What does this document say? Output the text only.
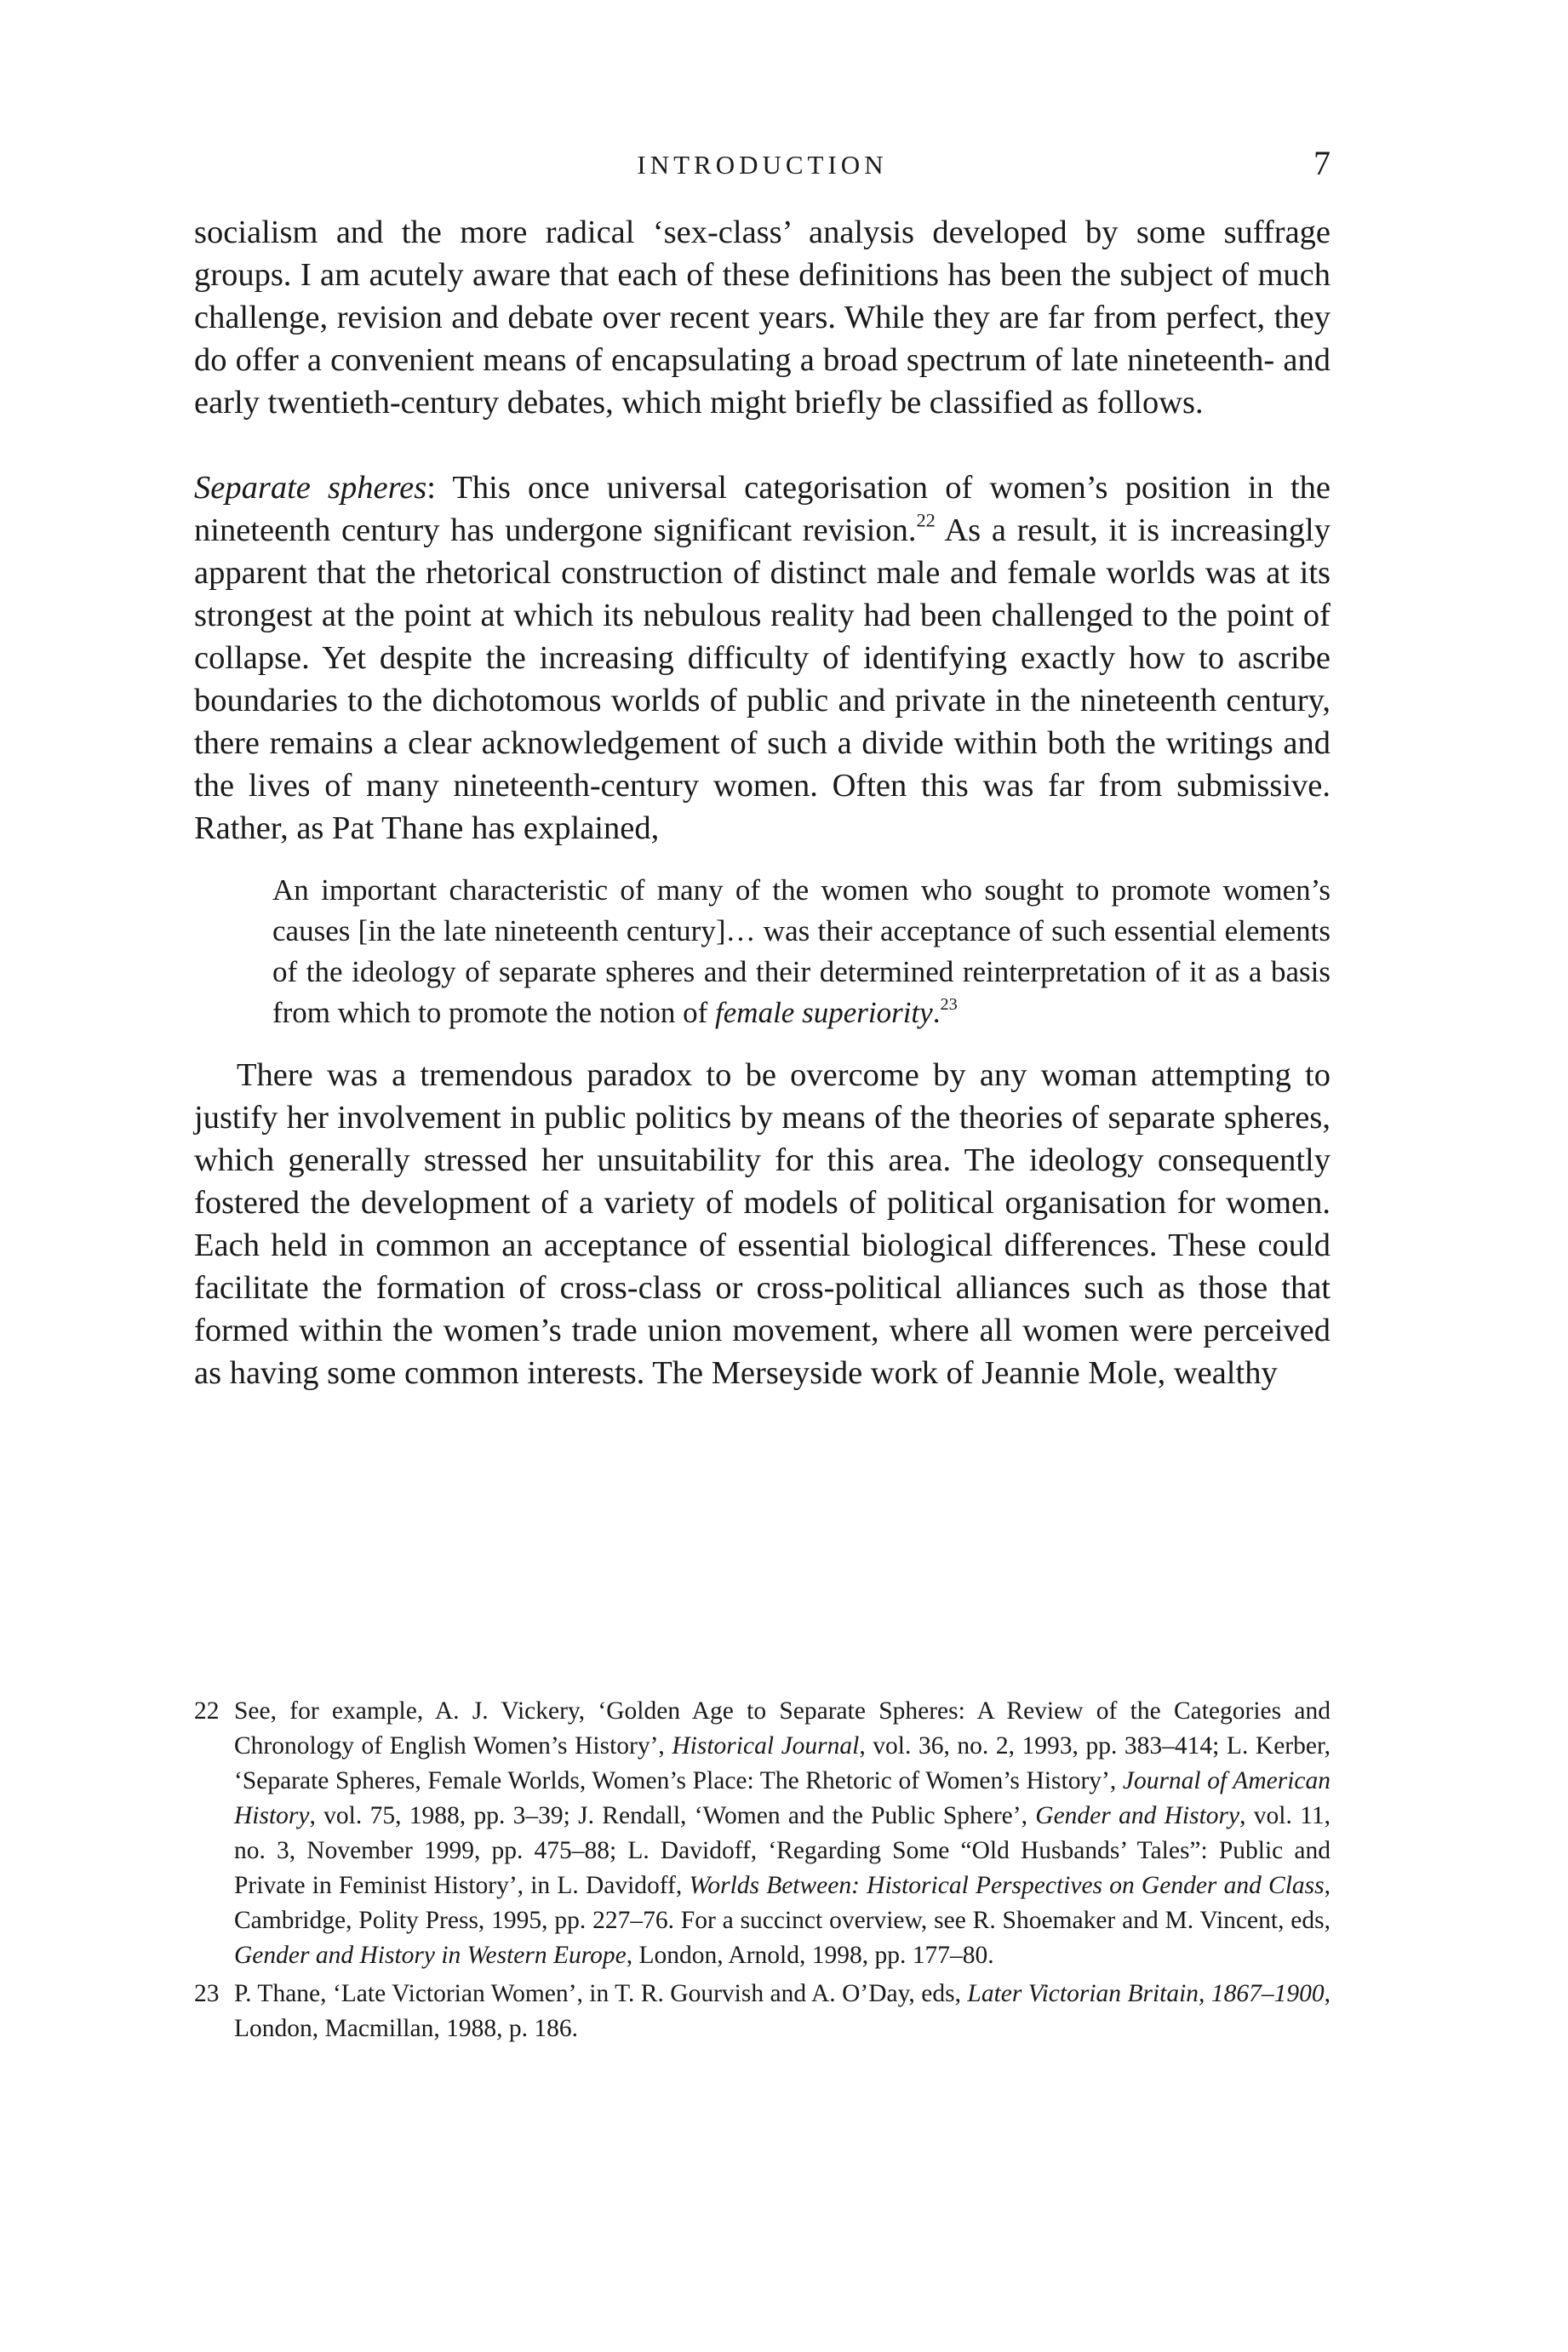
INTRODUCTION	7

socialism and the more radical ‘sex-class’ analysis developed by some suffrage groups. I am acutely aware that each of these definitions has been the subject of much challenge, revision and debate over recent years. While they are far from perfect, they do offer a convenient means of encapsulating a broad spectrum of late nineteenth- and early twentieth-century debates, which might briefly be classified as follows.

Separate spheres: This once universal categorisation of women’s position in the nineteenth century has undergone significant revision.$^{22}$ As a result, it is increasingly apparent that the rhetorical construction of distinct male and female worlds was at its strongest at the point at which its nebulous reality had been challenged to the point of collapse. Yet despite the increasing difficulty of identifying exactly how to ascribe boundaries to the dichotomous worlds of public and private in the nineteenth century, there remains a clear acknowledgement of such a divide within both the writings and the lives of many nineteenth-century women. Often this was far from submissive. Rather, as Pat Thane has explained,

An important characteristic of many of the women who sought to promote women’s causes [in the late nineteenth century]… was their acceptance of such essential elements of the ideology of separate spheres and their determined reinterpretation of it as a basis from which to promote the notion of female superiority.$^{23}$

There was a tremendous paradox to be overcome by any woman attempting to justify her involvement in public politics by means of the theories of separate spheres, which generally stressed her unsuitability for this area. The ideology consequently fostered the development of a variety of models of political organisation for women. Each held in common an acceptance of essential biological differences. These could facilitate the formation of cross-class or cross-political alliances such as those that formed within the women’s trade union movement, where all women were perceived as having some common interests. The Merseyside work of Jeannie Mole, wealthy

22 See, for example, A. J. Vickery, ‘Golden Age to Separate Spheres: A Review of the Categories and Chronology of English Women’s History’, Historical Journal, vol. 36, no. 2, 1993, pp. 383–414; L. Kerber, ‘Separate Spheres, Female Worlds, Women’s Place: The Rhetoric of Women’s History’, Journal of American History, vol. 75, 1988, pp. 3–39; J. Rendall, ‘Women and the Public Sphere’, Gender and History, vol. 11, no. 3, November 1999, pp. 475–88; L. Davidoff, ‘Regarding Some “Old Husbands’ Tales”: Public and Private in Feminist History’, in L. Davidoff, Worlds Between: Historical Perspectives on Gender and Class, Cambridge, Polity Press, 1995, pp. 227–76. For a succinct overview, see R. Shoemaker and M. Vincent, eds, Gender and History in Western Europe, London, Arnold, 1998, pp. 177–80.
23 P. Thane, ‘Late Victorian Women’, in T. R. Gourvish and A. O’Day, eds, Later Victorian Britain, 1867–1900, London, Macmillan, 1988, p. 186.
